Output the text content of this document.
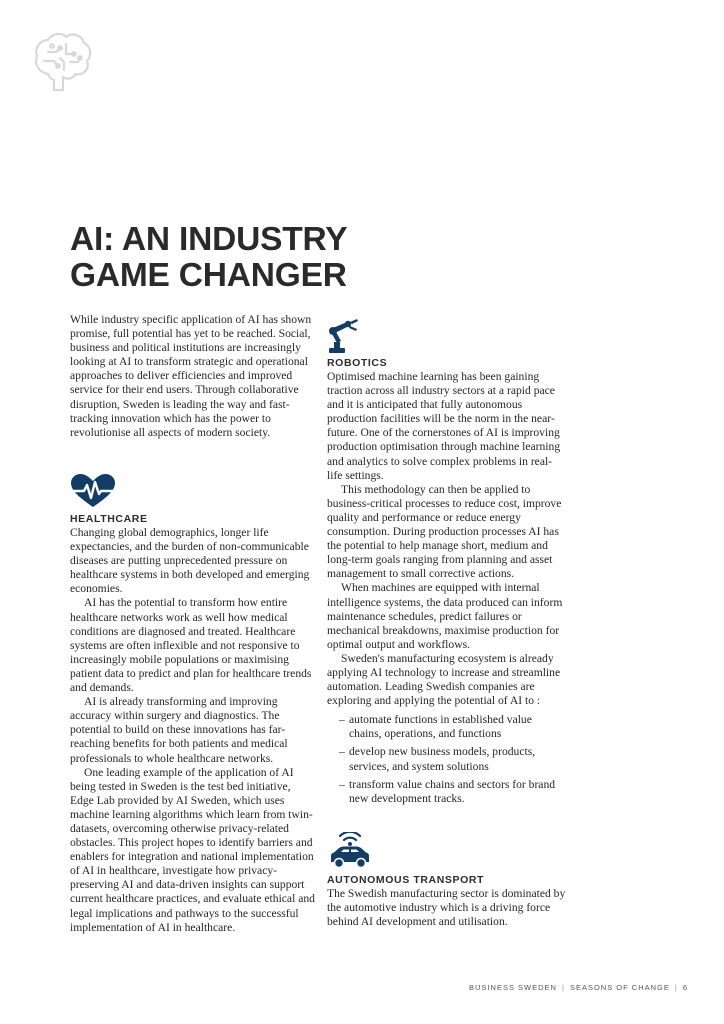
AI: AN INDUSTRY
GAME CHANGER

While industry specific application of AI has shown promise, full potential has yet to be reached. Social, business and political institutions are increasingly looking at AI to transform strategic and operational approaches to deliver efficiencies and improved service for their end users. Through collaborative disruption, Sweden is leading the way and fast-tracking innovation which has the power to revolutionise all aspects of modern society.

HEALTHCARE

Changing global demographics, longer life expectancies, and the burden of non-communicable diseases are putting unprecedented pressure on healthcare systems in both developed and emerging economies.

AI has the potential to transform how entire healthcare networks work as well how medical conditions are diagnosed and treated. Healthcare systems are often inflexible and not responsive to increasingly mobile populations or maximising patient data to predict and plan for healthcare trends and demands.

AI is already transforming and improving accuracy within surgery and diagnostics. The potential to build on these innovations has far-reaching benefits for both patients and medical professionals to whole healthcare networks.

One leading example of the application of AI being tested in Sweden is the test bed initiative, Edge Lab provided by AI Sweden, which uses machine learning algorithms which learn from twin-datasets, overcoming otherwise privacy-related obstacles. This project hopes to identify barriers and enablers for integration and national implementation of AI in healthcare, investigate how privacy-preserving AI and data-driven insights can support current healthcare practices, and evaluate ethical and legal implications and pathways to the successful implementation of AI in healthcare.

ROBOTICS

Optimised machine learning has been gaining traction across all industry sectors at a rapid pace and it is anticipated that fully autonomous production facilities will be the norm in the near-future. One of the cornerstones of AI is improving production optimisation through machine learning and analytics to solve complex problems in real-life settings.

This methodology can then be applied to business-critical processes to reduce cost, improve quality and performance or reduce energy consumption. During production processes AI has the potential to help manage short, medium and long-term goals ranging from planning and asset management to small corrective actions.

When machines are equipped with internal intelligence systems, the data produced can inform maintenance schedules, predict failures or mechanical breakdowns, maximise production for optimal output and workflows.

Sweden's manufacturing ecosystem is already applying AI technology to increase and streamline automation. Leading Swedish companies are exploring and applying the potential of AI to :

– automate functions in established value chains, operations, and functions
– develop new business models, products, services, and system solutions
– transform value chains and sectors for brand new development tracks.
AUTONOMOUS TRANSPORT

The Swedish manufacturing sector is dominated by the automotive industry which is a driving force behind AI development and utilisation.

BUSINESS SWEDEN | SEASONS OF CHANGE | 6
